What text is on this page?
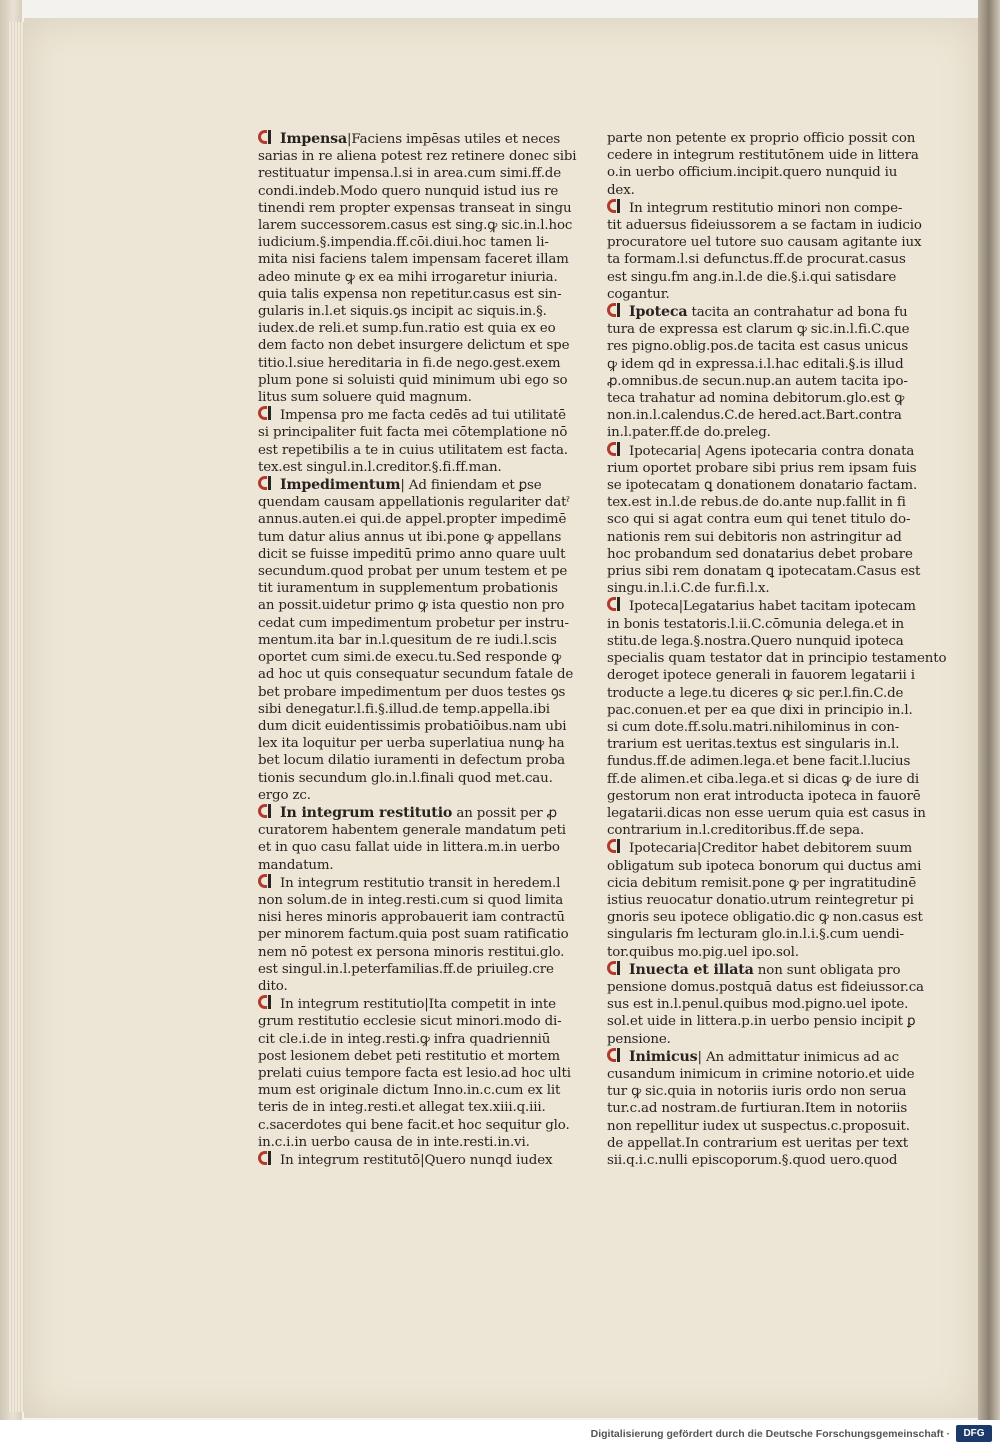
Impensa|Faciens impēsas utiles et neces

sarias in re aliena potest rez retinere donec sibi

restituatur impensa.l.si in area.cum simi.ff.de

condi.indeb.Modo quero nunquid istud ius re

tinendi rem propter expensas transeat in singu

larem successorem.casus est sing.ꝙ sic.in.l.hoc

iudicium.§.impendia.ff.cōi.diui.hoc tamen li-

mita nisi faciens talem impensam faceret illam

adeo minute ꝙ ex ea mihi irrogaretur iniuria.

quia talis expensa non repetitur.casus est sin-

gularis in.l.et siquis.ꝯs incipit ac siquis.in.§.

iudex.de reli.et sump.fun.ratio est quia ex eo

dem facto non debet insurgere delictum et spe

titio.l.siue hereditaria in fi.de nego.gest.exem

plum pone si soluisti quid minimum ubi ego so

litus sum soluere quid magnum.

Impensa pro me facta cedēs ad tui utilitatē

si principaliter fuit facta mei cōtemplatione nō

est repetibilis a te in cuius utilitatem est facta.

tex.est singul.in.l.creditor.§.fi.ff.man.

Impedimentum| Ad finiendam et ꝑse

quendam causam appellationis regulariter datˀ

annus.auten.ei qui.de appel.propter impedimē

tum datur alius annus ut ibi.pone ꝙ appellans

dicit se fuisse impeditū primo anno quare uult

secundum.quod probat per unum testem et pe

tit iuramentum in supplementum probationis

an possit.uidetur primo ꝙ ista questio non pro

cedat cum impedimentum probetur per instru-

mentum.ita bar in.l.quesitum de re iudi.l.scis

oportet cum simi.de execu.tu.Sed responde ꝙ

ad hoc ut quis consequatur secundum fatale de

bet probare impedimentum per duos testes ꝯs

sibi denegatur.l.fi.§.illud.de temp.appella.ibi

dum dicit euidentissimis probatiōibus.nam ubi

lex ita loquitur per uerba superlatiua nunꝙ ha

bet locum dilatio iuramenti in defectum proba

tionis secundum glo.in.l.finali quod met.cau.

ergo zc.

In integrum restitutio an possit per ꝓ

curatorem habentem generale mandatum peti

et in quo casu fallat uide in littera.m.in uerbo

mandatum.

In integrum restitutio transit in heredem.l

non solum.de in integ.resti.cum si quod limita

nisi heres minoris approbauerit iam contractū

per minorem factum.quia post suam ratificatio

nem nō potest ex persona minoris restitui.glo.

est singul.in.l.peterfamilias.ff.de priuileg.cre

dito.

In integrum restitutio|Ita competit in inte

grum restitutio ecclesie sicut minori.modo di-

cit cle.i.de in integ.resti.ꝙ infra quadrienniū

post lesionem debet peti restitutio et mortem

prelati cuius tempore facta est lesio.ad hoc ulti

mum est originale dictum Inno.in.c.cum ex lit

teris de in integ.resti.et allegat tex.xiii.q.iii.

c.sacerdotes qui bene facit.et hoc sequitur glo.

in.c.i.in uerbo causa de in inte.resti.in.vi.

In integrum restitutō|Quero nunqd iudex

parte non petente ex proprio officio possit con

cedere in integrum restitutōnem uide in littera

o.in uerbo officium.incipit.quero nunquid iu

dex.

In integrum restitutio minori non compe-

tit aduersus fideiussorem a se factam in iudicio

procuratore uel tutore suo causam agitante iux

ta formam.l.si defunctus.ff.de procurat.casus

est singu.fm ang.in.l.de die.§.i.qui satisdare

cogantur.

Ipoteca tacita an contrahatur ad bona fu

tura de expressa est clarum ꝙ sic.in.l.fi.C.que

res pigno.oblig.pos.de tacita est casus unicus

ꝙ idem qd in expressa.i.l.hac editali.§.is illud

ꝓ.omnibus.de secun.nup.an autem tacita ipo-

teca trahatur ad nomina debitorum.glo.est ꝙ

non.in.l.calendus.C.de hered.act.Bart.contra

in.l.pater.ff.de do.preleg.

Ipotecaria| Agens ipotecaria contra donata

rium oportet probare sibi prius rem ipsam fuis

se ipotecatam ꝗ donationem donatario factam.

tex.est in.l.de rebus.de do.ante nup.fallit in fi

sco qui si agat contra eum qui tenet titulo do-

nationis rem sui debitoris non astringitur ad

hoc probandum sed donatarius debet probare

prius sibi rem donatam ꝗ ipotecatam.Casus est

singu.in.l.i.C.de fur.fi.l.x.

Ipoteca|Legatarius habet tacitam ipotecam

in bonis testatoris.l.ii.C.cōmunia delega.et in

stitu.de lega.§.nostra.Quero nunquid ipoteca

specialis quam testator dat in principio testamento

deroget ipotece generali in fauorem legatarii i

troducte a lege.tu diceres ꝙ sic per.l.fin.C.de

pac.conuen.et per ea que dixi in principio in.l.

si cum dote.ff.solu.matri.nihilominus in con-

trarium est ueritas.textus est singularis in.l.

fundus.ff.de adimen.lega.et bene facit.l.lucius

ff.de alimen.et ciba.lega.et si dicas ꝙ de iure di

gestorum non erat introducta ipoteca in fauorē

legatarii.dicas non esse uerum quia est casus in

contrarium in.l.creditoribus.ff.de sepa.

Ipotecaria|Creditor habet debitorem suum

obligatum sub ipoteca bonorum qui ductus ami

cicia debitum remisit.pone ꝙ per ingratitudinē

istius reuocatur donatio.utrum reintegretur pi

gnoris seu ipotece obligatio.dic ꝙ non.casus est

singularis fm lecturam glo.in.l.i.§.cum uendi-

tor.quibus mo.pig.uel ipo.sol.

Inuecta et illata non sunt obligata pro

pensione domus.postquā datus est fideiussor.ca

sus est in.l.penul.quibus mod.pigno.uel ipote.

sol.et uide in littera.p.in uerbo pensio incipit ꝑ

pensione.

Inimicus| An admittatur inimicus ad ac

cusandum inimicum in crimine notorio.et uide

tur ꝙ sic.quia in notoriis iuris ordo non serua

tur.c.ad nostram.de furtiuran.Item in notoriis

non repellitur iudex ut suspectus.c.proposuit.

de appellat.In contrarium est ueritas per text

sii.q.i.c.nulli episcoporum.§.quod uero.quod

Digitalisierung gefördert durch die Deutsche Forschungsgemeinschaft ·	DFG
